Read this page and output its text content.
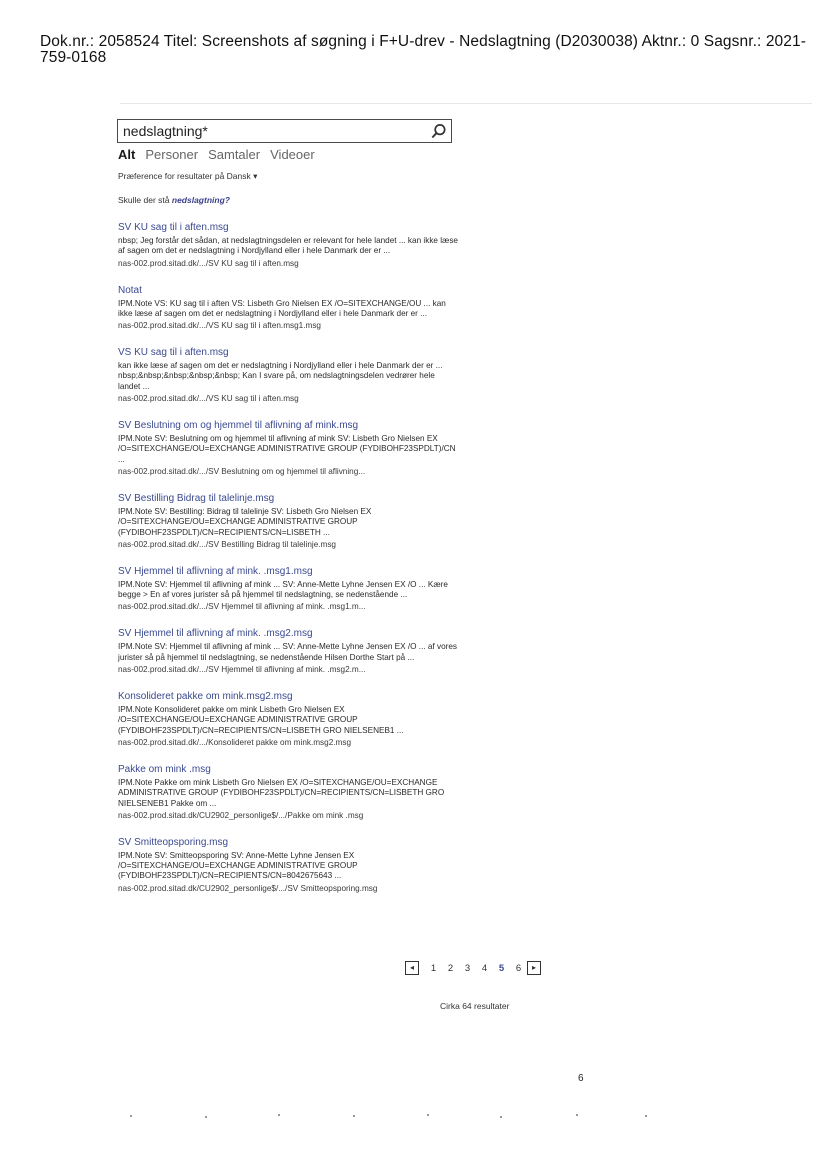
Dok.nr.: 2058524 Titel: Screenshots af søgning i F+U-drev - Nedslagtning (D2030038) Aktnr.: 0 Sagsnr.: 2021-759-0168
nedslagtning*
Alt Personer Samtaler Videoer
Præference for resultater på Dansk ▾
Skulle der stå nedslagtning?
SV KU sag til i aften.msg
nbsp; Jeg forstår det sådan, at nedslagtningsdelen er relevant for hele landet ... kan ikke læse af sagen om det er nedslagtning i Nordjylland eller i hele Danmark der er ...
nas-002.prod.sitad.dk/.../SV KU sag til i aften.msg
Notat
IPM.Note VS: KU sag til i aften VS: Lisbeth Gro Nielsen EX /O=SITEXCHANGE/OU ... kan ikke læse af sagen om det er nedslagtning i Nordjylland eller i hele Danmark der er ...
nas-002.prod.sitad.dk/.../VS KU sag til i aften.msg1.msg
VS KU sag til i aften.msg
kan ikke læse af sagen om det er nedslagtning i Nordjylland eller i hele Danmark der er ... nbsp;&nbsp;&nbsp;&nbsp;&nbsp; Kan I svare på, om nedslagtningsdelen vedrører hele landet ...
nas-002.prod.sitad.dk/.../VS KU sag til i aften.msg
SV Beslutning om og hjemmel til aflivning af mink.msg
IPM.Note SV: Beslutning om og hjemmel til aflivning af mink SV: Lisbeth Gro Nielsen EX /O=SITEXCHANGE/OU=EXCHANGE ADMINISTRATIVE GROUP (FYDIBOHF23SPDLT)/CN ...
nas-002.prod.sitad.dk/.../SV Beslutning om og hjemmel til aflivning...
SV Bestilling Bidrag til talelinje.msg
IPM.Note SV: Bestilling: Bidrag til talelinje SV: Lisbeth Gro Nielsen EX /O=SITEXCHANGE/OU=EXCHANGE ADMINISTRATIVE GROUP (FYDIBOHF23SPDLT)/CN=RECIPIENTS/CN=LISBETH ...
nas-002.prod.sitad.dk/.../SV Bestilling Bidrag til talelinje.msg
SV Hjemmel til aflivning af mink. .msg1.msg
IPM.Note SV: Hjemmel til aflivning af mink ... SV: Anne-Mette Lyhne Jensen EX /O ... Kære begge > En af vores jurister så på hjemmel til nedslagtning, se nedenstående ...
nas-002.prod.sitad.dk/.../SV Hjemmel til aflivning af mink. .msg1.m...
SV Hjemmel til aflivning af mink. .msg2.msg
IPM.Note SV: Hjemmel til aflivning af mink ... SV: Anne-Mette Lyhne Jensen EX /O ... af vores jurister så på hjemmel til nedslagtning, se nedenstående Hilsen Dorthe Start på ...
nas-002.prod.sitad.dk/.../SV Hjemmel til aflivning af mink. .msg2.m...
Konsolideret pakke om mink.msg2.msg
IPM.Note Konsolideret pakke om mink Lisbeth Gro Nielsen EX /O=SITEXCHANGE/OU=EXCHANGE ADMINISTRATIVE GROUP (FYDIBOHF23SPDLT)/CN=RECIPIENTS/CN=LISBETH GRO NIELSENEB1 ...
nas-002.prod.sitad.dk/.../Konsolideret pakke om mink.msg2.msg
Pakke om mink .msg
IPM.Note Pakke om mink Lisbeth Gro Nielsen EX /O=SITEXCHANGE/OU=EXCHANGE ADMINISTRATIVE GROUP (FYDIBOHF23SPDLT)/CN=RECIPIENTS/CN=LISBETH GRO NIELSENEB1 Pakke om ...
nas-002.prod.sitad.dk/CU2902_personlige$/.../Pakke om mink .msg
SV Smitteopsporing.msg
IPM.Note SV: Smitteopsporing SV: Anne-Mette Lyhne Jensen EX /O=SITEXCHANGE/OU=EXCHANGE ADMINISTRATIVE GROUP (FYDIBOHF23SPDLT)/CN=RECIPIENTS/CN=8042675643 ...
nas-002.prod.sitad.dk/CU2902_personlige$/.../SV Smitteopsporing.msg
◂	1	2	3	4	5	6	▸
Cirka 64 resultater
6
